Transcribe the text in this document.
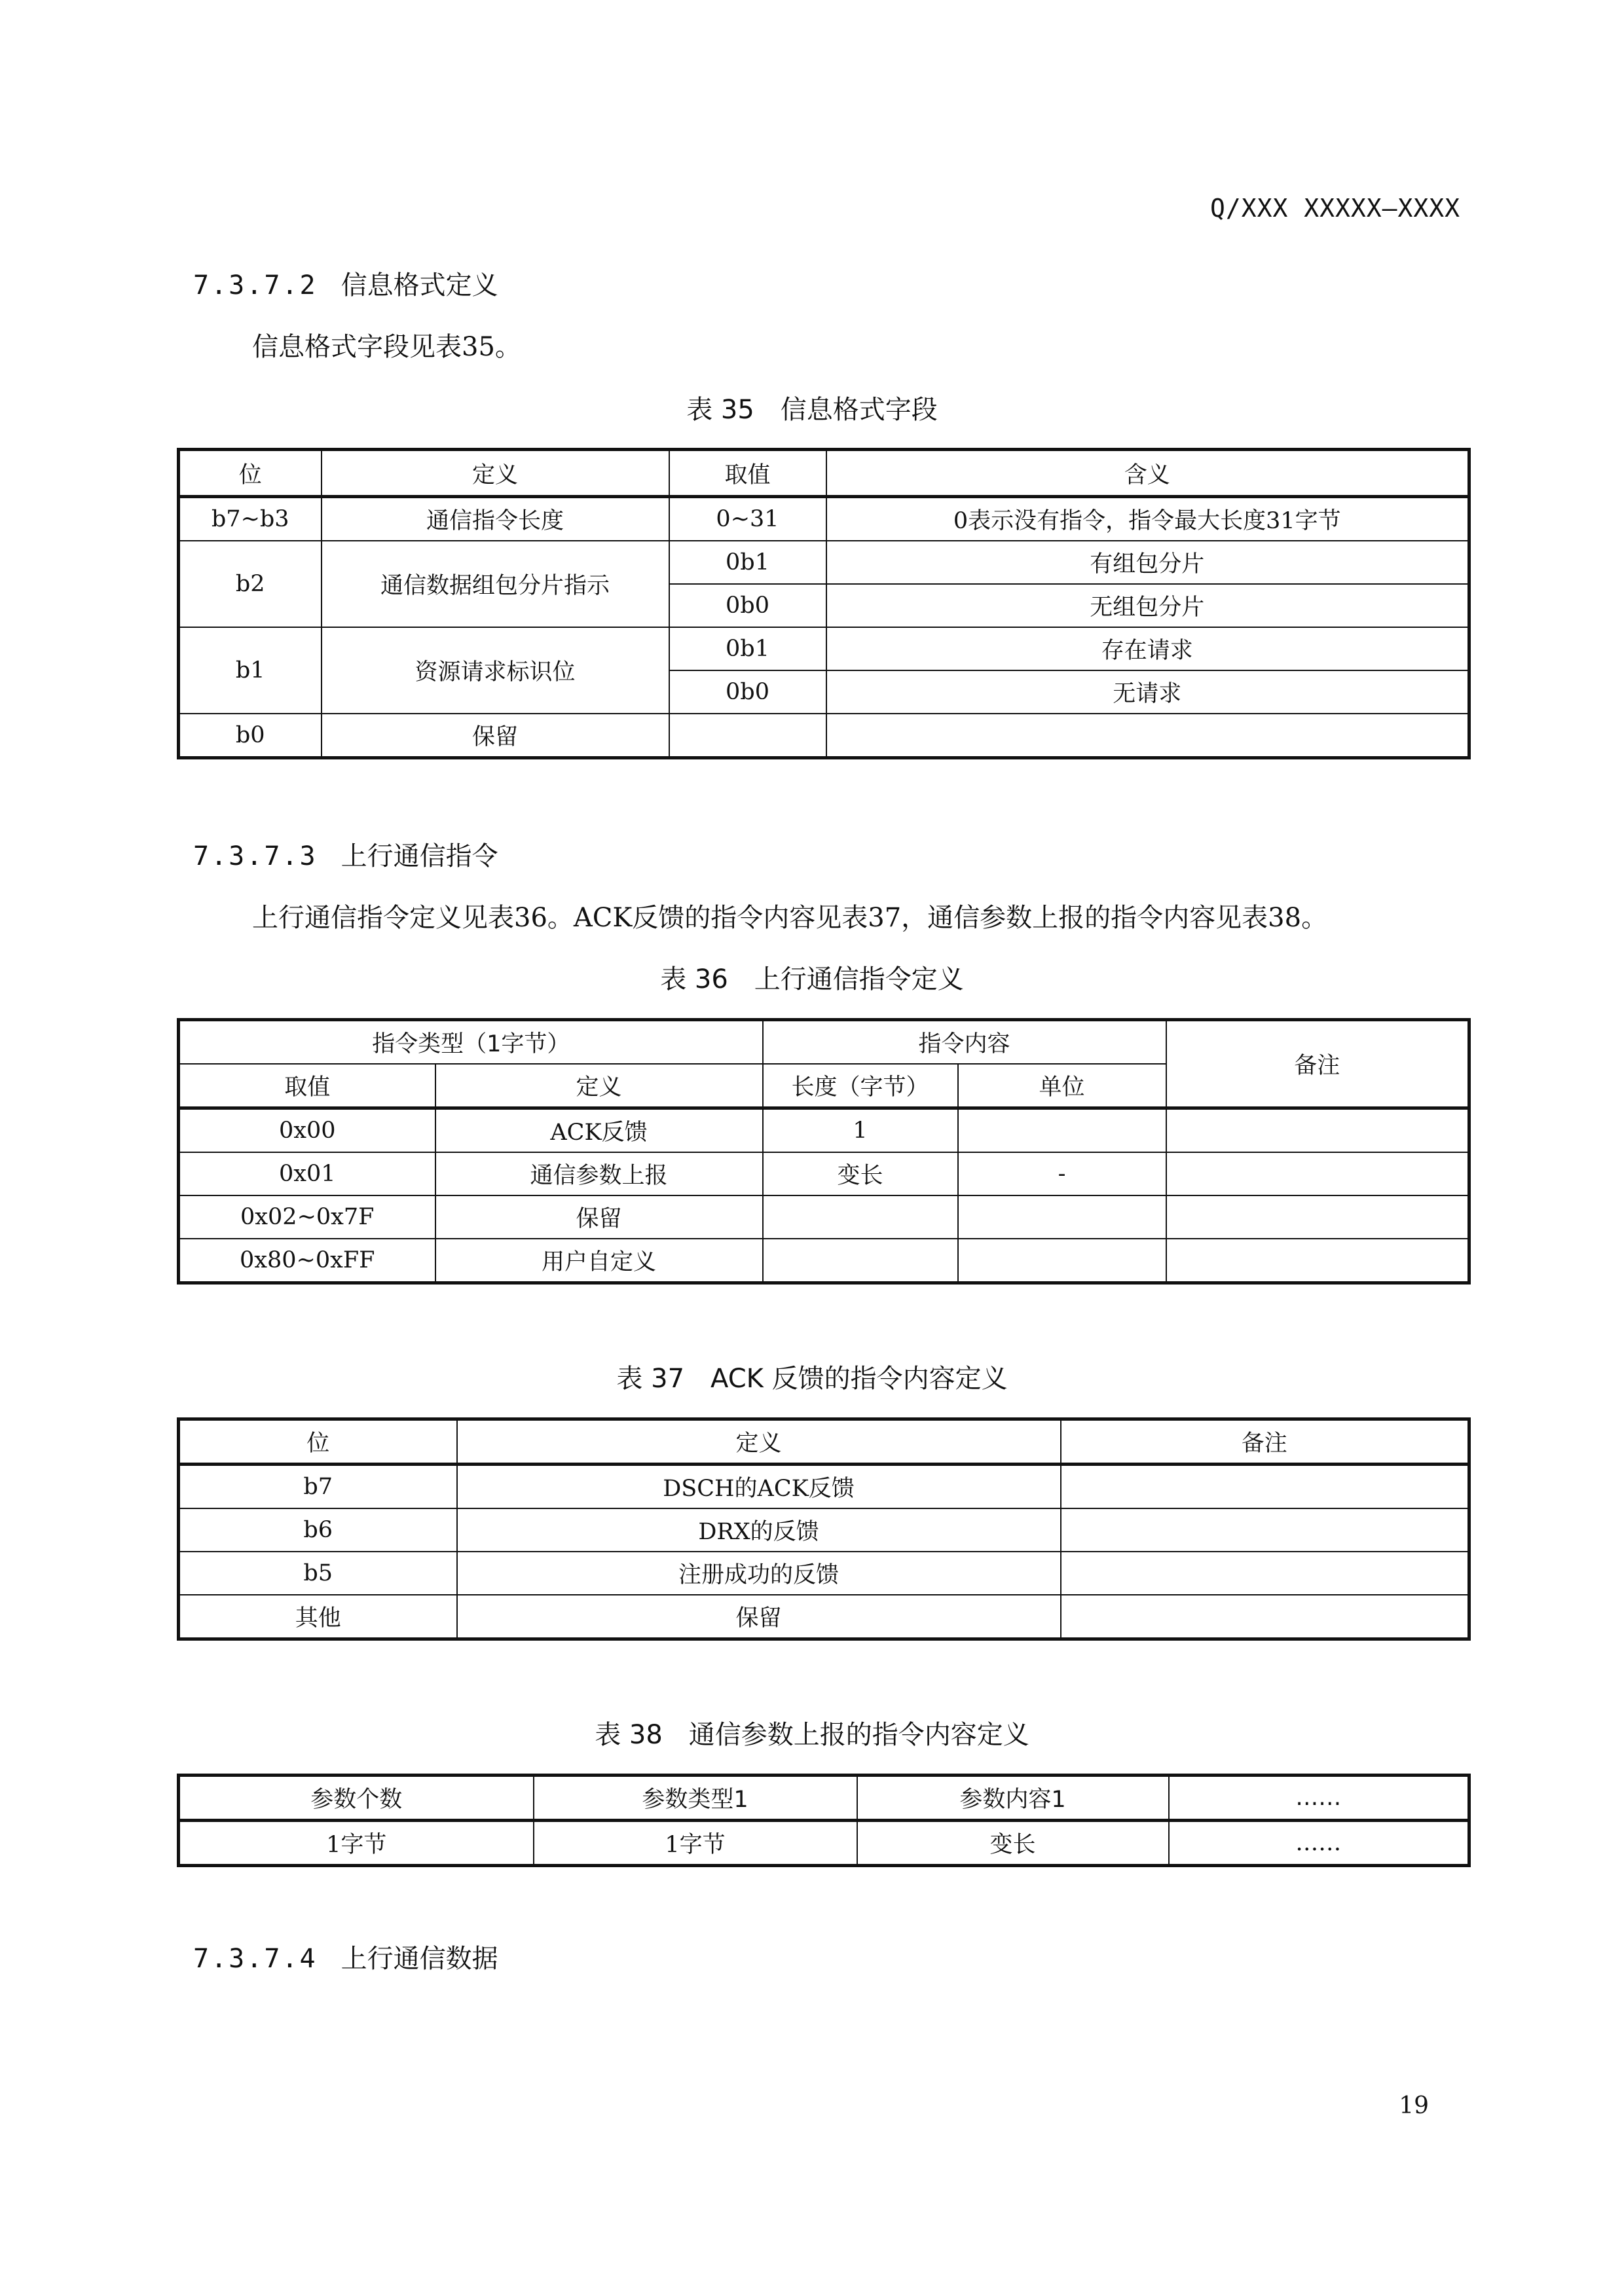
Q/XXX XXXXX—XXXX
7.3.7.2 信息格式定义
信息格式字段见表35。
表 35　信息格式字段
位	定义	取值	含义
b7~b3	通信指令长度	0~31	0表示没有指令，指令最大长度31字节
b2	通信数据组包分片指示	0b1	有组包分片
		0b0	无组包分片
b1	资源请求标识位	0b1	存在请求
		0b0	无请求
b0	保留		
7.3.7.3 上行通信指令
上行通信指令定义见表36。ACK反馈的指令内容见表37，通信参数上报的指令内容见表38。
表 36　上行通信指令定义
指令类型（1字节）		指令内容		备注
取值	定义	长度（字节）	单位	
0x00	ACK反馈	1		
0x01	通信参数上报	变长	-	
0x02~0x7F	保留			
0x80~0xFF	用户自定义			
表 37　ACK 反馈的指令内容定义
位	定义	备注
b7	DSCH的ACK反馈	
b6	DRX的反馈	
b5	注册成功的反馈	
其他	保留	
表 38　通信参数上报的指令内容定义
参数个数	参数类型1	参数内容1	……
1字节	1字节	变长	……
7.3.7.4 上行通信数据
19
